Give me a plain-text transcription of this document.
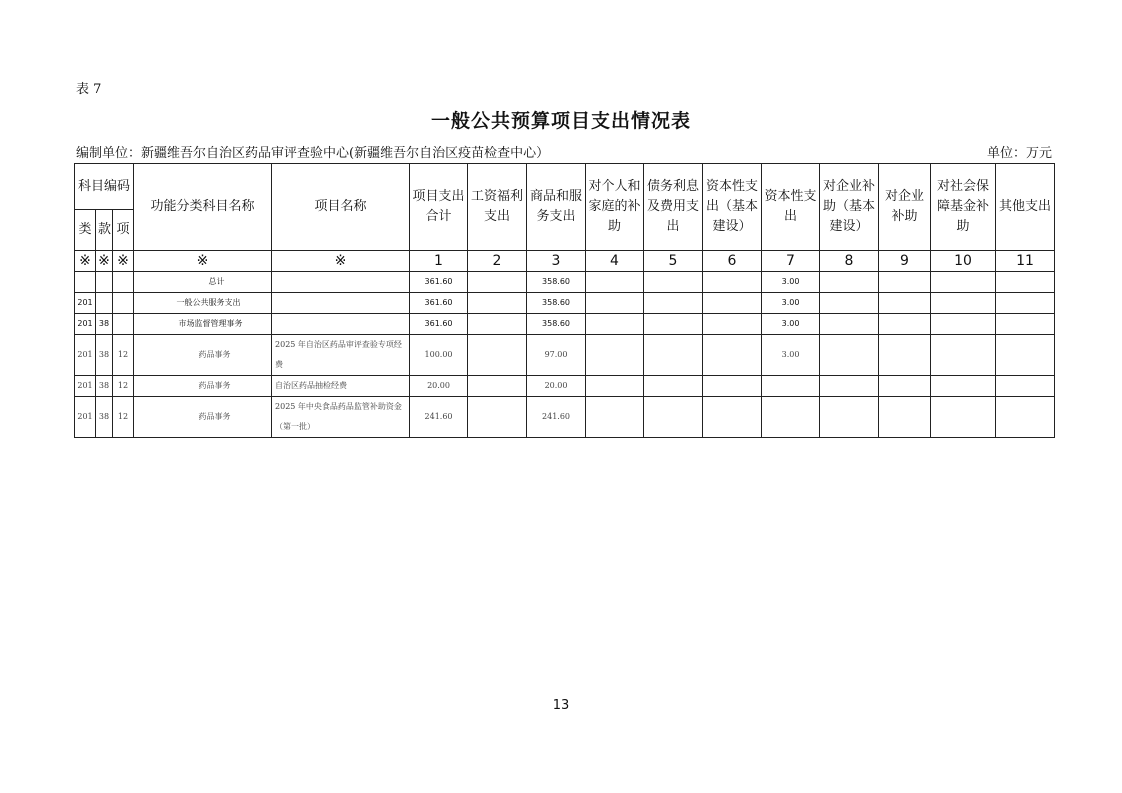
表 7
一般公共预算项目支出情况表
编制单位：新疆维吾尔自治区药品审评查验中心(新疆维吾尔自治区疫苗检查中心）	单位：万元
科目编码			功能分类科目名称	项目名称	项目支出合计	工资福利支出	商品和服务支出	对个人和家庭的补助	债务利息及费用支出	资本性支出（基本建设）	资本性支出	对企业补助（基本建设）	对企业补助	对社会保障基金补助	其他支出
类	款	项													
※	※	※	※	※	1	2	3	4	5	6	7	8	9	10	11
			总计		361.60		358.60				3.00				
201			一般公共服务支出		361.60		358.60				3.00				
201	38		市场监督管理事务		361.60		358.60				3.00				
201	38	12	药品事务	2025 年自治区药品审评查验专项经费	100.00		97.00				3.00				
201	38	12	药品事务	自治区药品抽检经费	20.00		20.00								
201	38	12	药品事务	2025 年中央食品药品监管补助资金（第一批）	241.60		241.60								
13
